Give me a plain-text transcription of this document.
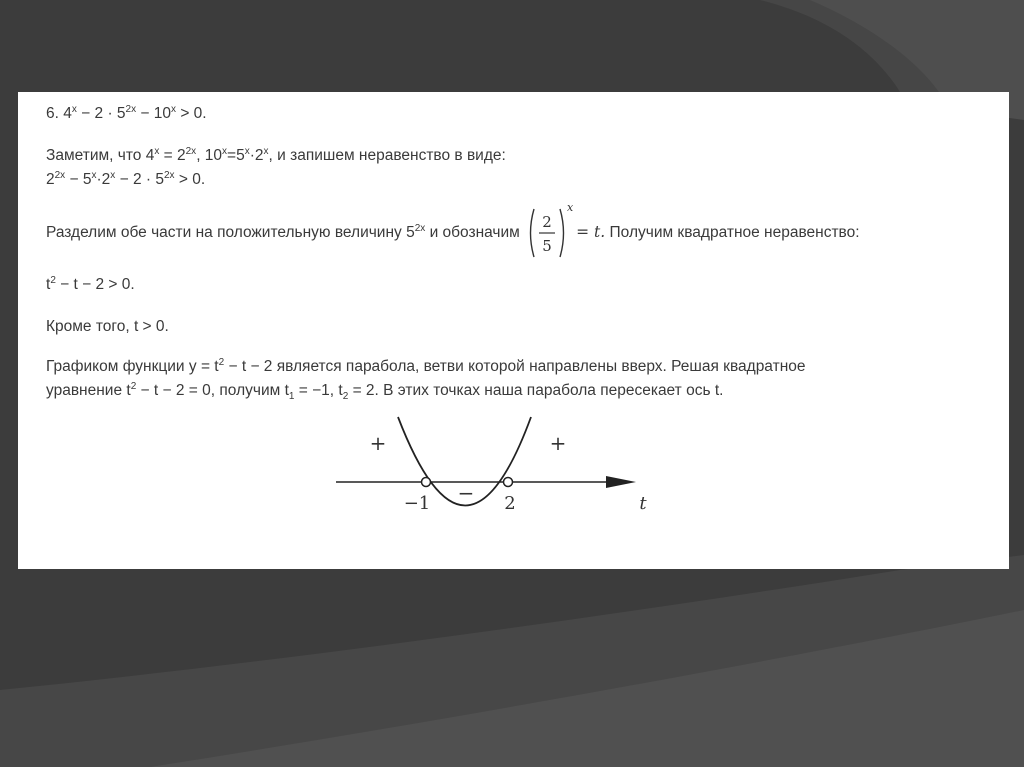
6. $4^x - 2 \cdot 5^{2x} - 10^x > 0$.
Заметим, что $4^x = 2^{2x}$, $10^x=5^x\cdot 2^x$, и запишем неравенство в виде:
$2^{2x} - 5^x\cdot 2^x - 2 \cdot 5^{2x} > 0$.
Разделим обе части на положительную величину $5^{2x}$ и обозначим
2
5
x
= t. Получим квадратное неравенство:
$t^2 - t - 2 > 0$.
Кроме того, t > 0.
Графиком функции $y = t^2 - t - 2$ является парабола, ветви которой направлены вверх. Решая квадратное
уравнение $t^2 - t - 2 = 0$, получим $t_1 = -1$, $t_2 = 2$. В этих точках наша парабола пересекает ось t.
+
−
+
−1	2	t
